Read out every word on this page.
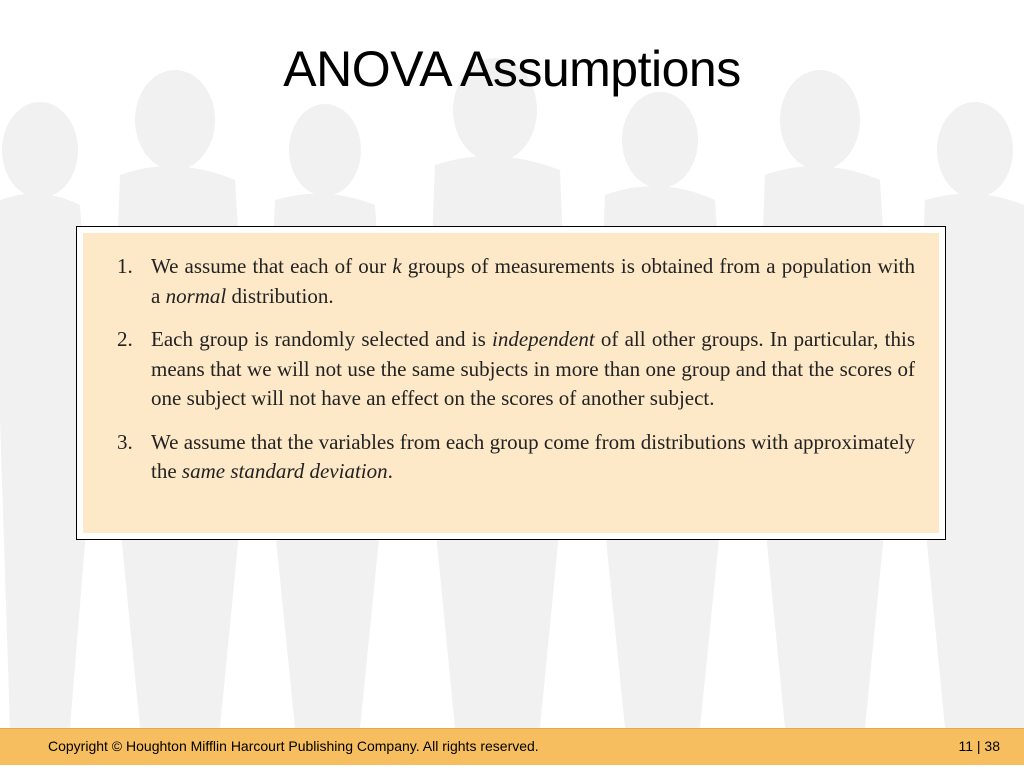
ANOVA Assumptions
1. We assume that each of our k groups of measurements is obtained from a population with a normal distribution.
2. Each group is randomly selected and is independent of all other groups. In particular, this means that we will not use the same subjects in more than one group and that the scores of one subject will not have an effect on the scores of another subject.
3. We assume that the variables from each group come from distributions with approximately the same standard deviation.
Copyright © Houghton Mifflin Harcourt Publishing Company. All rights reserved.	11 | 38
